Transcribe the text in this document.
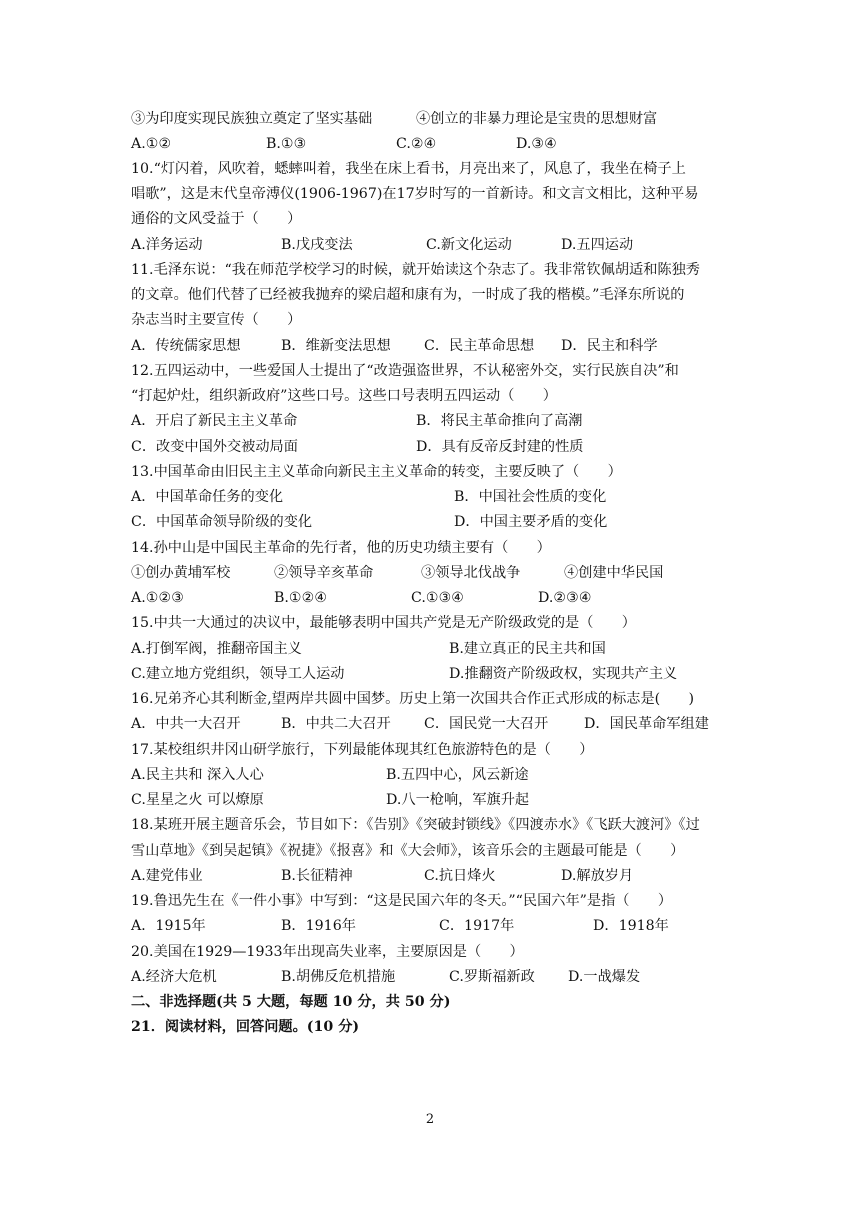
③为印度实现民族独立奠定了坚实基础	④创立的非暴力理论是宝贵的思想财富
A.①②	B.①③	C.②④	D.③④
10.“灯闪着，风吹着，蟋蟀叫着，我坐在床上看书，月亮出来了，风息了，我坐在椅子上
唱歌”，这是末代皇帝溥仪(1906-1967)在17岁时写的一首新诗。和文言文相比，这种平易
通俗的文风受益于（　　）
A.洋务运动	B.戊戌变法	C.新文化运动	D.五四运动
11.毛泽东说：“我在师范学校学习的时候，就开始读这个杂志了。我非常钦佩胡适和陈独秀
的文章。他们代替了已经被我抛弃的梁启超和康有为，一时成了我的楷模。”毛泽东所说的
杂志当时主要宣传（　　）
A．传统儒家思想	B．维新变法思想 C．民主革命思想 D．民主和科学
12.五四运动中，一些爱国人士提出了“改造强盗世界，不认秘密外交，实行民族自决”和
“打起炉灶，组织新政府”这些口号。这些口号表明五四运动（　　）
A．开启了新民主主义革命	B．将民主革命推向了高潮
C．改变中国外交被动局面	D．具有反帝反封建的性质
13.中国革命由旧民主主义革命向新民主主义革命的转变，主要反映了（　　）
A．中国革命任务的变化	B．中国社会性质的变化
C．中国革命领导阶级的变化	D．中国主要矛盾的变化
14.孙中山是中国民主革命的先行者，他的历史功绩主要有（　　）
①创办黄埔军校	②领导辛亥革命	③领导北伐战争	④创建中华民国
A.①②③	B.①②④	C.①③④	D.②③④
15.中共一大通过的决议中，最能够表明中国共产党是无产阶级政党的是（　　）
A.打倒军阀，推翻帝国主义	B.建立真正的民主共和国
C.建立地方党组织，领导工人运动	D.推翻资产阶级政权，实现共产主义
16.兄弟齐心其利断金,望两岸共圆中国梦。历史上第一次国共合作正式形成的标志是(　　)
A．中共一大召开	B．中共二大召开 C．国民党一大召开	D．国民革命军组建
17.某校组织井冈山研学旅行，下列最能体现其红色旅游特色的是（　　）
A.民主共和 深入人心	B.五四中心，风云新途
C.星星之火 可以燎原	D.八一枪响，军旗升起
18.某班开展主题音乐会，节目如下：《告别》《突破封锁线》《四渡赤水》《飞跃大渡河》《过
雪山草地》《到吴起镇》《祝捷》《报喜》和《大会师》，该音乐会的主题最可能是（　　）
A.建党伟业	B.长征精神	C.抗日烽火	D.解放岁月
19.鲁迅先生在《一件小事》中写到：“这是民国六年的冬天。”“民国六年”是指（　　）
A．1915年	B．1916年	C．1917年	D．1918年
20.美国在1929—1933年出现高失业率，主要原因是（　　）
A.经济大危机	B.胡佛反危机措施	C.罗斯福新政 D.一战爆发
二、非选择题(共 5 大题，每题 10 分，共 50 分)
21．阅读材料，回答问题。(10 分)
2
